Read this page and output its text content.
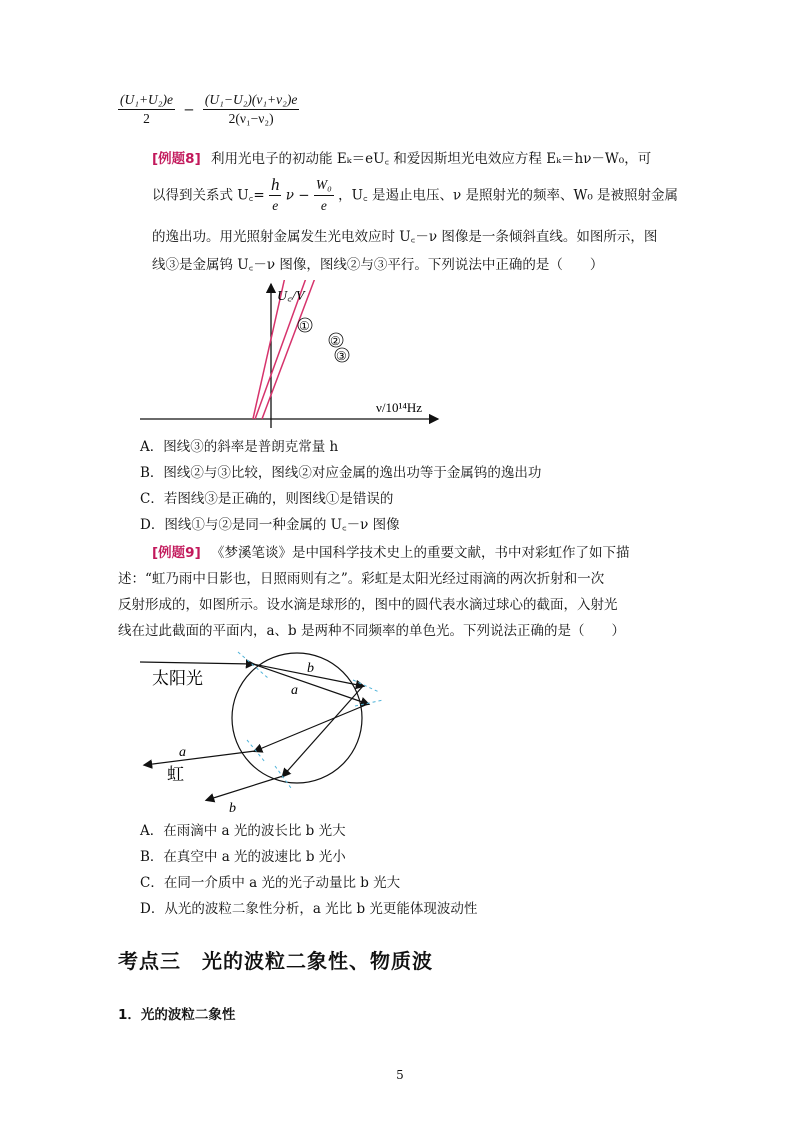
$\frac{\text{(U₁+U₂)e}}{2} - \frac{\text{(U₁−U₂)(ν₁+ν₂)e}}{\text{2(ν₁−ν₂)}}$
[例题8] 利用光电子的初动能 Eₖ＝eU꜀ 和爱因斯坦光电效应方程 Eₖ＝hν－W₀，可
以得到关系式 U꜀= $\frac{h}{e}$ $\nu - \frac{\text{W₀}}{e}$ ，U꜀ 是遏止电压、ν 是照射光的频率、W₀ 是被照射金属
的逸出功。用光照射金属发生光电效应时 U꜀－ν 图像是一条倾斜直线。如图所示，图
线③是金属钨 U꜀－ν 图像，图线②与③平行。下列说法中正确的是（　　）
U꜀/V
ν/10¹⁴Hz
①
②
③
A．图线③的斜率是普朗克常量 h
B．图线②与③比较，图线②对应金属的逸出功等于金属钨的逸出功
C．若图线③是正确的，则图线①是错误的
D．图线①与②是同一种金属的 U꜀－ν 图像
[例题9] 《梦溪笔谈》是中国科学技术史上的重要文献，书中对彩虹作了如下描
述：“虹乃雨中日影也，日照雨则有之”。彩虹是太阳光经过雨滴的两次折射和一次
反射形成的，如图所示。设水滴是球形的，图中的圆代表水滴过球心的截面，入射光
线在过此截面的平面内，a、b 是两种不同频率的单色光。下列说法正确的是（　　）
太阳光
b
a
a
虹
b
A．在雨滴中 a 光的波长比 b 光大
B．在真空中 a 光的波速比 b 光小
C．在同一介质中 a 光的光子动量比 b 光大
D．从光的波粒二象性分析，a 光比 b 光更能体现波动性
考点三　光的波粒二象性、物质波
1．光的波粒二象性
5
